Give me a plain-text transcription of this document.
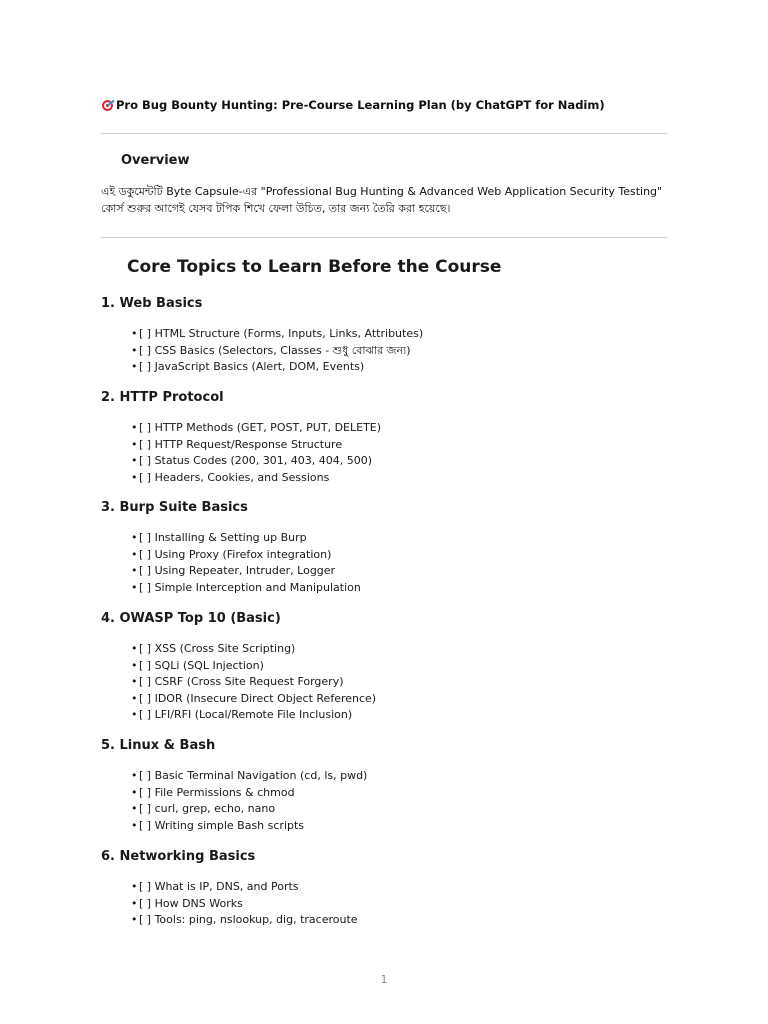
Pro Bug Bounty Hunting: Pre-Course Learning Plan (by ChatGPT for Nadim)
Overview
এই ডকুমেন্টটি Byte Capsule-এর "Professional Bug Hunting & Advanced Web Application Security Testing"
কোর্স শুরুর আগেই যেসব টপিক শিখে ফেলা উচিত, তার জন্য তৈরি করা হয়েছে।
Core Topics to Learn Before the Course
1. Web Basics
• [ ] HTML Structure (Forms, Inputs, Links, Attributes)
• [ ] CSS Basics (Selectors, Classes - শুধু বোঝার জন্য)
• [ ] JavaScript Basics (Alert, DOM, Events)
2. HTTP Protocol
• [ ] HTTP Methods (GET, POST, PUT, DELETE)
• [ ] HTTP Request/Response Structure
• [ ] Status Codes (200, 301, 403, 404, 500)
• [ ] Headers, Cookies, and Sessions
3. Burp Suite Basics
• [ ] Installing & Setting up Burp
• [ ] Using Proxy (Firefox integration)
• [ ] Using Repeater, Intruder, Logger
• [ ] Simple Interception and Manipulation
4. OWASP Top 10 (Basic)
• [ ] XSS (Cross Site Scripting)
• [ ] SQLi (SQL Injection)
• [ ] CSRF (Cross Site Request Forgery)
• [ ] IDOR (Insecure Direct Object Reference)
• [ ] LFI/RFI (Local/Remote File Inclusion)
5. Linux & Bash
• [ ] Basic Terminal Navigation (cd, ls, pwd)
• [ ] File Permissions & chmod
• [ ] curl, grep, echo, nano
• [ ] Writing simple Bash scripts
6. Networking Basics
• [ ] What is IP, DNS, and Ports
• [ ] How DNS Works
• [ ] Tools: ping, nslookup, dig, traceroute
1
